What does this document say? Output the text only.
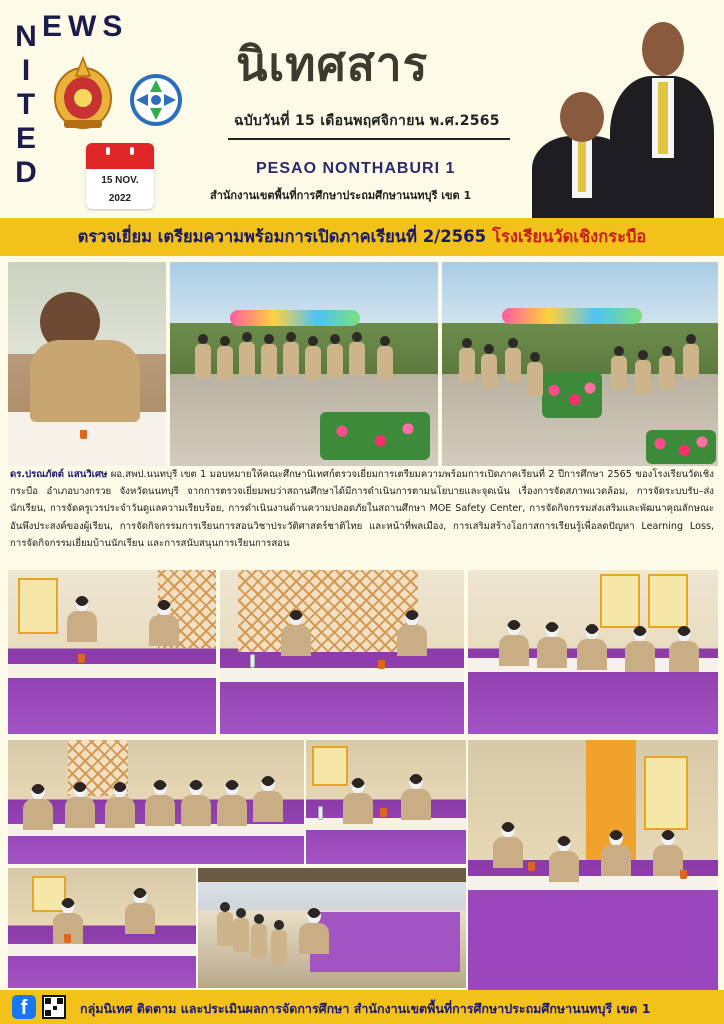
N
I
T
E
D
EWS
15 NOV.
2022
นิเทศสาร
ฉบับวันที่ 15 เดือนพฤศจิกายน พ.ศ.2565
PESAO NONTHABURI 1
สำนักงานเขตพื้นที่การศึกษาประถมศึกษานนทบุรี เขต 1
ตรวจเยี่ยม เตรียมความพร้อมการเปิดภาคเรียนที่ 2/2565 โรงเรียนวัดเชิงกระบือ
ดร.ปรณภัตต์ แสนวิเศษ ผอ.สพป.นนทบุรี เขต 1 มอบหมายให้คณะศึกษานิเทศก์ตรวจเยี่ยมการเตรียมความพร้อมการเปิดภาคเรียนที่ 2 ปีการศึกษา 2565 ของโรงเรียนวัดเชิงกระบือ อำเภอบางกรวย จังหวัดนนทบุรี จากการตรวจเยี่ยมพบว่าสถานศึกษาได้มีการดำเนินการตามนโยบายและจุดเน้น เรื่องการจัดสภาพแวดล้อม, การจัดระบบรับ–ส่งนักเรียน, การจัดครูเวรประจำวันดูแลความเรียบร้อย, การดำเนินงานด้านความปลอดภัยในสถานศึกษา MOE Safety Center, การจัดกิจกรรมส่งเสริมและพัฒนาคุณลักษณะอันพึงประสงค์ของผู้เรียน, การจัดกิจกรรมการเรียนการสอนวิชาประวัติศาสตร์ชาติไทย และหน้าที่พลเมือง, การเสริมสร้างโอกาสการเรียนรู้เพื่อลดปัญหา Learning Loss, การจัดกิจกรรมเยี่ยมบ้านนักเรียน และการสนับสนุนการเรียนการสอน
f	กลุ่มนิเทศ ติดตาม และประเมินผลการจัดการศึกษา สำนักงานเขตพื้นที่การศึกษาประถมศึกษานนทบุรี เขต 1
